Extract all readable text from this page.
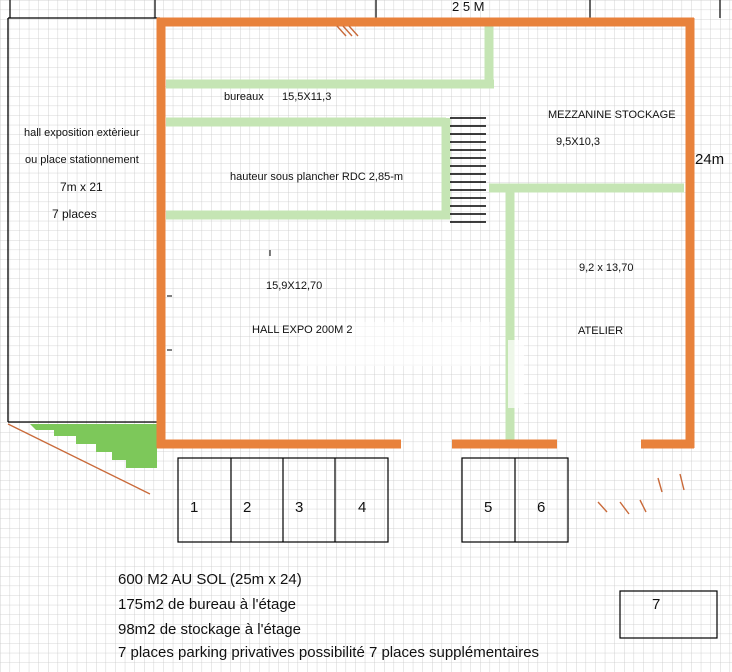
2 5 M
24m
bureaux 15,5X11,3
MEZZANINE STOCKAGE
9,5X10,3
hauteur sous plancher RDC 2,85-m
15,9X12,70
HALL EXPO 200M 2
9,2 x 13,70
ATELIER
hall exposition extèrieur
ou place stationnement
7m x 21
7 places
1	2	3	4	5	6
7
600 M2 AU SOL (25m x 24)
175m2 de bureau à l'étage
98m2 de stockage à l'étage
7 places parking privatives possibilité 7 places supplémentaires
